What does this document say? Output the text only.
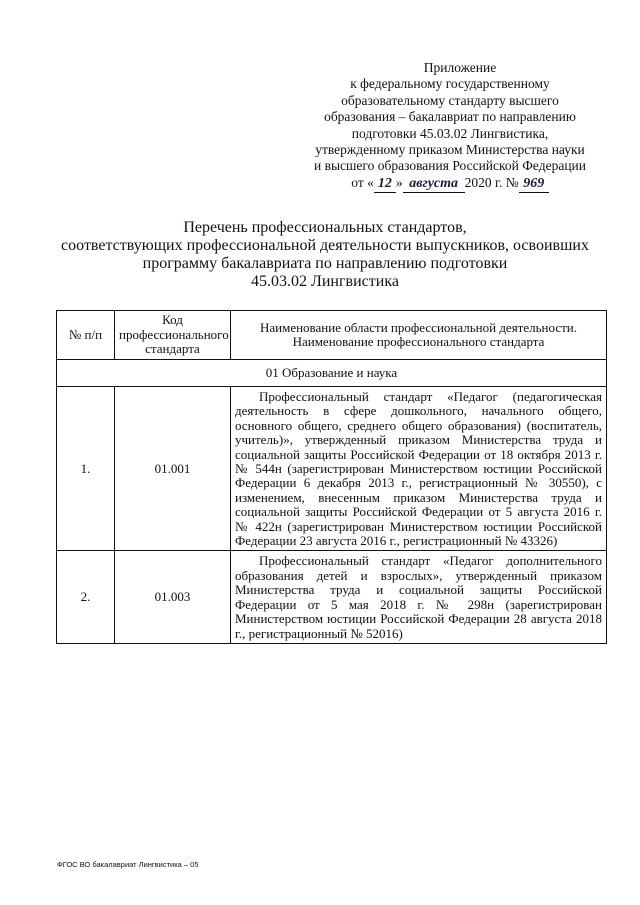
Приложение
к федеральному государственному
образовательному стандарту высшего
образования – бакалавриат по направлению
подготовки 45.03.02 Лингвистика,
утвержденному приказом Министерства науки
и высшего образования Российской Федерации
от « 12 » августа 2020 г. № 969
Перечень профессиональных стандартов,
соответствующих профессиональной деятельности выпускников, освоивших
программу бакалавриата по направлению подготовки
45.03.02 Лингвистика
№ п/п	Код профессионального стандарта	Наименование области профессиональной деятельности.
Наименование профессионального стандарта

01 Образование и наука		
1.	01.001	Профессиональный стандарт «Педагог (педагогическая деятельность в сфере дошкольного, начального общего, основного общего, среднего общего образования) (воспитатель, учитель)», утвержденный приказом Министерства труда и социальной защиты Российской Федерации от 18 октября 2013 г. № 544н (зарегистрирован Министерством юстиции Российской Федерации 6 декабря 2013 г., регистрационный № 30550), с изменением, внесенным приказом Министерства труда и социальной защиты Российской Федерации от 5 августа 2016 г. № 422н (зарегистрирован Министерством юстиции Российской Федерации 23 августа 2016 г., регистрационный № 43326)
2.	01.003	Профессиональный стандарт «Педагог дополнительного образования детей и взрослых», утвержденный приказом Министерства труда и социальной защиты Российской Федерации от 5 мая 2018 г. № 298н (зарегистрирован Министерством юстиции Российской Федерации 28 августа 2018 г., регистрационный № 52016)
ФГОС ВО бакалавриат Лингвистика – 05
